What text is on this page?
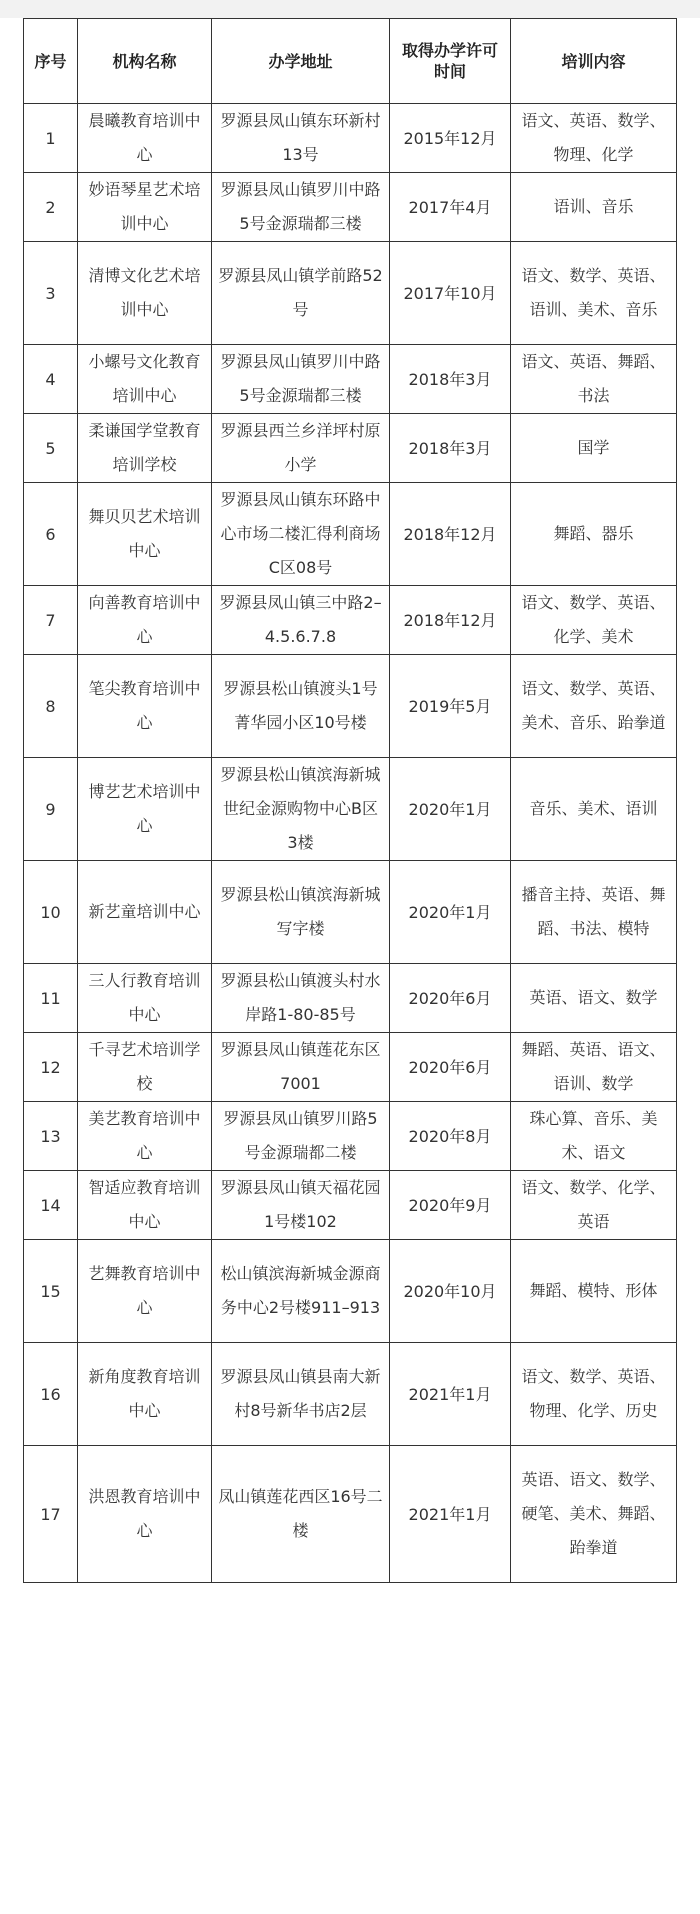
序号	机构名称	办学地址	取得办学许可时间	培训内容
1	晨曦教育培训中心	罗源县凤山镇东环新村13号	2015年12月	语文、英语、数学、物理、化学
2	妙语琴星艺术培训中心	罗源县凤山镇罗川中路5号金源瑞都三楼	2017年4月	语训、音乐
3	清博文化艺术培训中心	罗源县凤山镇学前路52号	2017年10月	语文、数学、英语、语训、美术、音乐
4	小螺号文化教育培训中心	罗源县凤山镇罗川中路5号金源瑞都三楼	2018年3月	语文、英语、舞蹈、书法
5	柔谦国学堂教育培训学校	罗源县西兰乡洋坪村原小学	2018年3月	国学
6	舞贝贝艺术培训中心	罗源县凤山镇东环路中心市场二楼汇得利商场C区08号	2018年12月	舞蹈、器乐
7	向善教育培训中心	罗源县凤山镇三中路2–4.5.6.7.8	2018年12月	语文、数学、英语、化学、美术
8	笔尖教育培训中心	罗源县松山镇渡头1号菁华园小区10号楼	2019年5月	语文、数学、英语、美术、音乐、跆拳道
9	博艺艺术培训中心	罗源县松山镇滨海新城世纪金源购物中心B区3楼	2020年1月	音乐、美术、语训
10	新艺童培训中心	罗源县松山镇滨海新城写字楼	2020年1月	播音主持、英语、舞蹈、书法、模特
11	三人行教育培训中心	罗源县松山镇渡头村水岸路1-80-85号	2020年6月	英语、语文、数学
12	千寻艺术培训学校	罗源县凤山镇莲花东区7001	2020年6月	舞蹈、英语、语文、语训、数学
13	美艺教育培训中心	罗源县凤山镇罗川路5号金源瑞都二楼	2020年8月	珠心算、音乐、美术、语文
14	智适应教育培训中心	罗源县凤山镇天福花园1号楼102	2020年9月	语文、数学、化学、英语
15	艺舞教育培训中心	松山镇滨海新城金源商务中心2号楼911–913	2020年10月	舞蹈、模特、形体
16	新角度教育培训中心	罗源县凤山镇县南大新村8号新华书店2层	2021年1月	语文、数学、英语、物理、化学、历史
17	洪恩教育培训中心	凤山镇莲花西区16号二楼	2021年1月	英语、语文、数学、硬笔、美术、舞蹈、跆拳道
